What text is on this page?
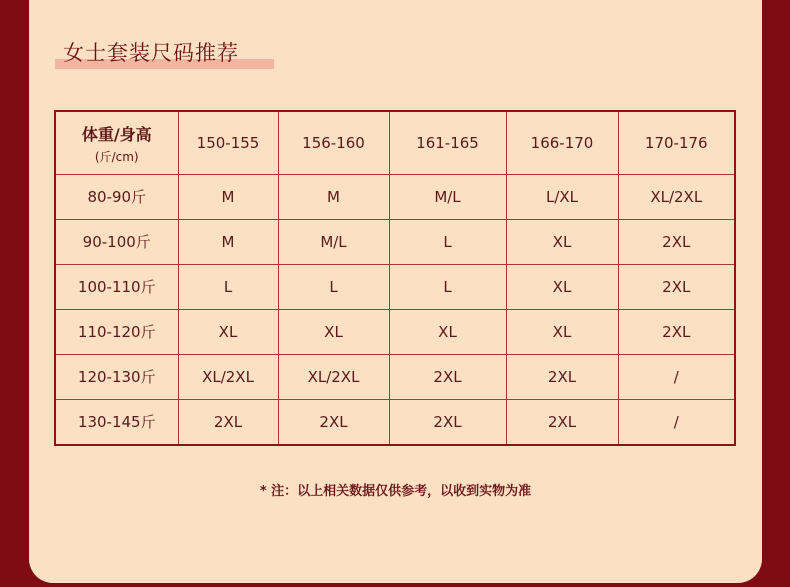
女士套装尺码推荐
体重/身高
(斤/cm)	150-155	156-160	161-165	166-170	170-176
80-90斤	M	M	M/L	L/XL	XL/2XL
90-100斤	M	M/L	L	XL	2XL
100-110斤	L	L	L	XL	2XL
110-120斤	XL	XL	XL	XL	2XL
120-130斤	XL/2XL	XL/2XL	2XL	2XL	/
130-145斤	2XL	2XL	2XL	2XL	/
* 注：以上相关数据仅供参考，以收到实物为准
